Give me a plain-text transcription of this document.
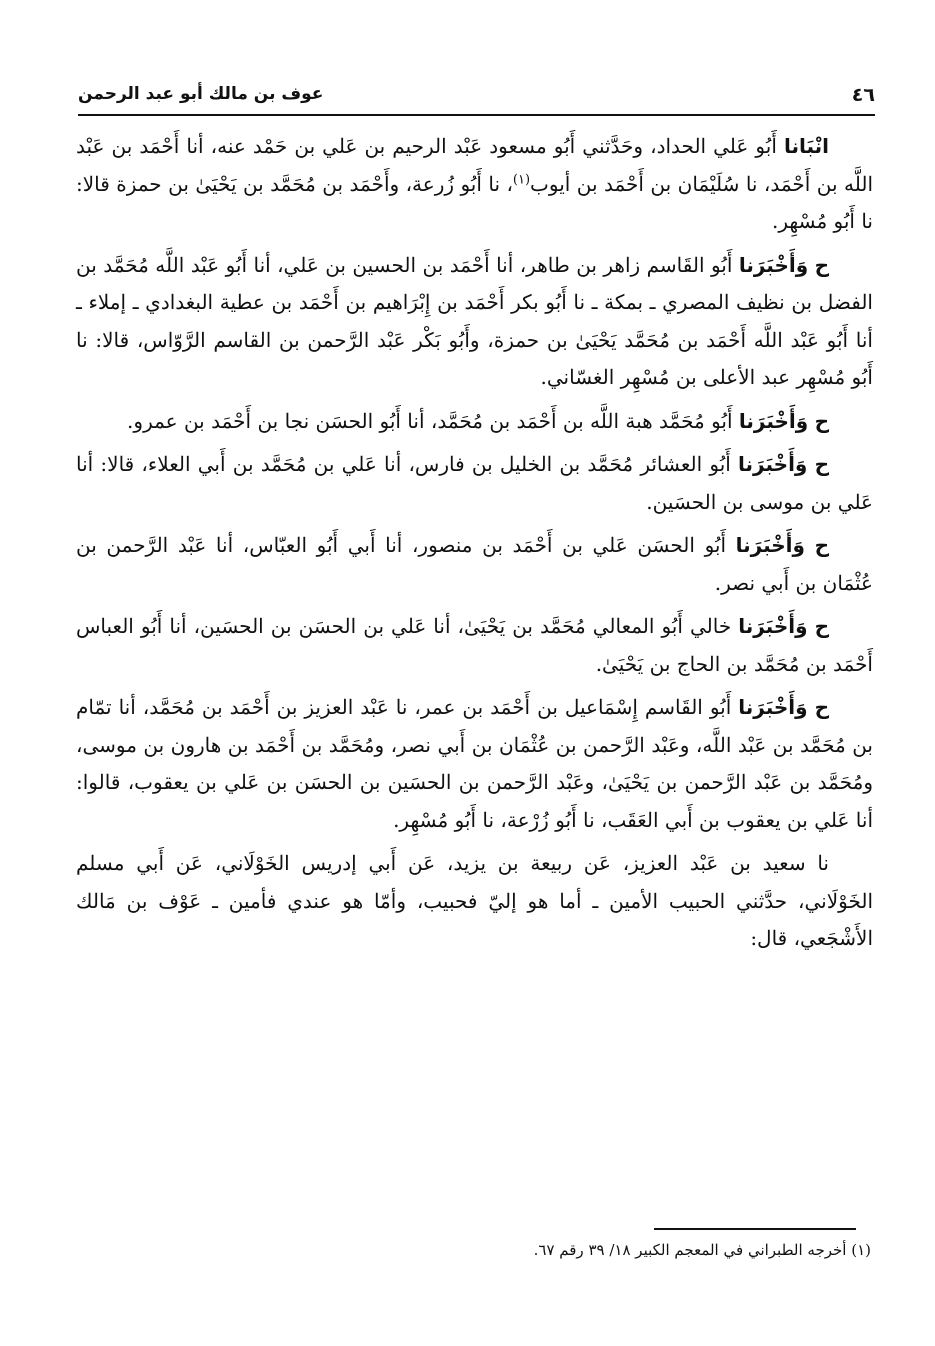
٤٦
عوف بن مالك أبو عبد الرحمن

انْبَانا أَبُو عَلي الحداد، وحَدَّثني أَبُو مسعود عَبْد الرحيم بن عَلي بن حَمْد عنه، أنا أَحْمَد بن عَبْد اللَّه بن أَحْمَد، نا سُلَيْمَان بن أَحْمَد بن أيوب$^{(١)}$، نا أَبُو زُرعة، وأَحْمَد بن مُحَمَّد بن يَحْيَىٰ بن حمزة قالا: نا أَبُو مُسْهِر.

ح وَأَخْبَرَنا أَبُو القَاسم زاهر بن طاهر، أنا أَحْمَد بن الحسين بن عَلي، أنا أَبُو عَبْد اللَّه مُحَمَّد بن الفضل بن نظيف المصري ـ بمكة ـ نا أَبُو بكر أَحْمَد بن إِبْرَاهيم بن أَحْمَد بن عطية البغدادي ـ إملاء ـ أنا أَبُو عَبْد اللَّه أَحْمَد بن مُحَمَّد يَحْيَىٰ بن حمزة، وأَبُو بَكْر عَبْد الرَّحمن بن القاسم الرَّوّاس، قالا: نا أَبُو مُسْهِر عبد الأعلى بن مُسْهِر الغسّاني.

ح وَأَخْبَرَنا أَبُو مُحَمَّد هبة اللَّه بن أَحْمَد بن مُحَمَّد، أنا أَبُو الحسَن نجا بن أَحْمَد بن عمرو.

ح وَأَخْبَرَنا أَبُو العشائر مُحَمَّد بن الخليل بن فارس، أنا عَلي بن مُحَمَّد بن أَبي العلاء، قالا: أنا عَلي بن موسى بن الحسَين.

ح وَأَخْبَرَنا أَبُو الحسَن عَلي بن أَحْمَد بن منصور، أنا أَبي أَبُو العبّاس، أنا عَبْد الرَّحمن بن عُثْمَان بن أَبي نصر.

ح وَأَخْبَرَنا خالي أَبُو المعالي مُحَمَّد بن يَحْيَىٰ، أنا عَلي بن الحسَن بن الحسَين، أنا أَبُو العباس أَحْمَد بن مُحَمَّد بن الحاج بن يَحْيَىٰ.

ح وَأَخْبَرَنا أَبُو القَاسم إِسْمَاعيل بن أَحْمَد بن عمر، نا عَبْد العزيز بن أَحْمَد بن مُحَمَّد، أنا تمّام بن مُحَمَّد بن عَبْد اللَّه، وعَبْد الرَّحمن بن عُثْمَان بن أَبي نصر، ومُحَمَّد بن أَحْمَد بن هارون بن موسى، ومُحَمَّد بن عَبْد الرَّحمن بن يَحْيَىٰ، وعَبْد الرَّحمن بن الحسَين بن الحسَن بن عَلي بن يعقوب، قالوا: أنا عَلي بن يعقوب بن أَبي العَقَب، نا أَبُو زُرْعة، نا أَبُو مُسْهِر.

نا سعيد بن عَبْد العزيز، عَن ربيعة بن يزيد، عَن أَبي إدريس الخَوْلَاني، عَن أَبي مسلم الخَوْلَاني، حدَّثني الحبيب الأمين ـ أما هو إليّ فحبيب، وأمّا هو عندي فأمين ـ عَوْف بن مَالك الأَشْجَعي، قال:

(١) أخرجه الطبراني في المعجم الكبير ١٨/ ٣٩ رقم ٦٧.
